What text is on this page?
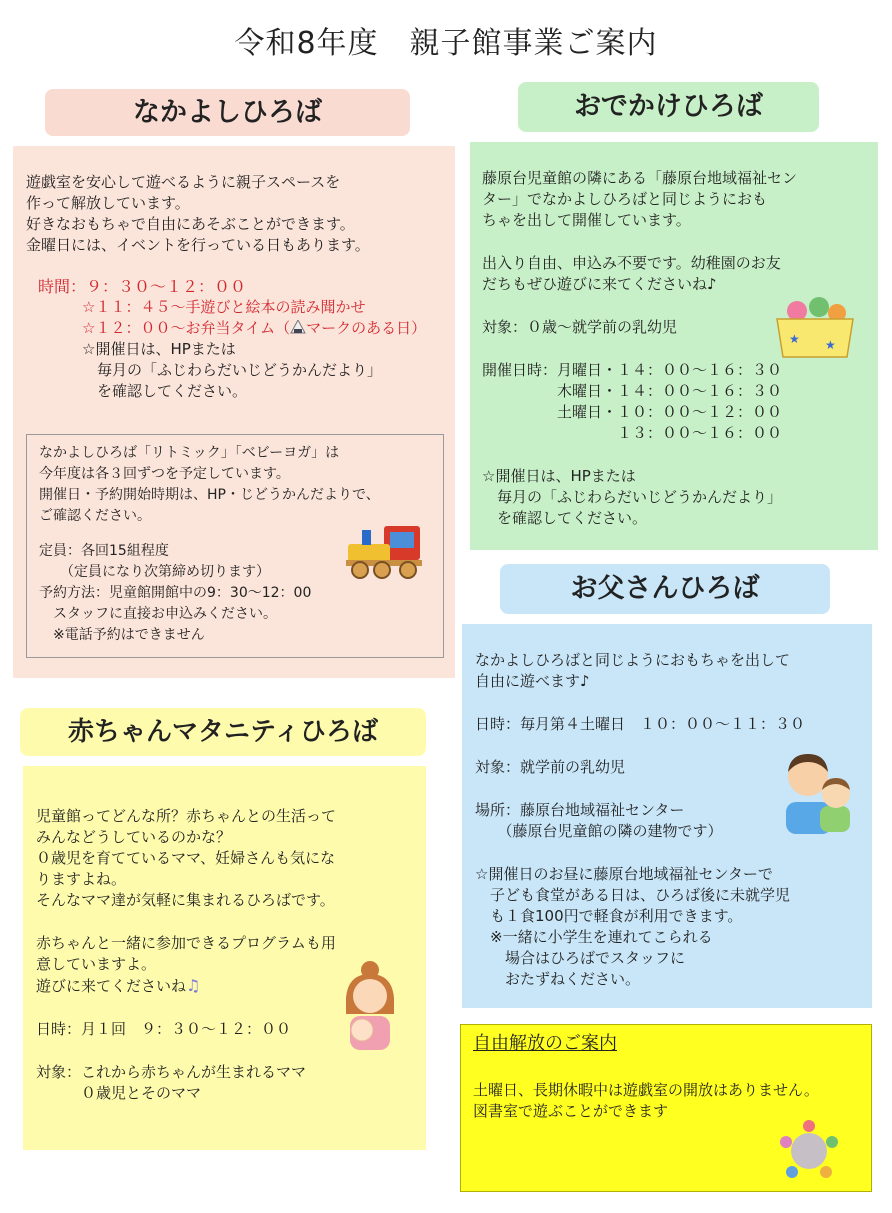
令和8年度　親子館事業ご案内
なかよしひろば
遊戯室を安心して遊べるように親子スペースを
作って解放しています。
好きなおもちゃで自由にあそぶことができます。
金曜日には、イベントを行っている日もあります。
時間：９：３０～１２：００
☆１１：４５～手遊びと絵本の読み聞かせ
☆１２：００～お弁当タイム（ マークのある日）
☆開催日は、HPまたは
　毎月の「ふじわらだいじどうかんだより」
　を確認してください。
なかよしひろば「リトミック」「ベビーヨガ」は
今年度は各３回ずつを予定しています。
開催日・予約開始時期は、HP・じどうかんだよりで、
ご確認ください。
定員：各回15組程度
　　（定員になり次第締め切ります）
予約方法：児童館開館中の9：30～12：00
　スタッフに直接お申込みください。
　※電話予約はできません
おでかけひろば
藤原台児童館の隣にある「藤原台地域福祉セン
ター」でなかよしひろばと同じようにおも
ちゃを出して開催しています。
出入り自由、申込み不要です。幼稚園のお友
だちもぜひ遊びに来てくださいね♪
対象：０歳～就学前の乳幼児
開催日時：月曜日・１４：００～１６：３０
　　　　　木曜日・１４：００～１６：３０
　　　　　土曜日・１０：００～１２：００
　　　　　　　　　１３：００～１６：００
☆開催日は、HPまたは
　毎月の「ふじわらだいじどうかんだより」
　を確認してください。
★ ★
お父さんひろば
なかよしひろばと同じようにおもちゃを出して
自由に遊べます♪
日時：毎月第４土曜日　１０：００～１１：３０
対象：就学前の乳幼児
場所：藤原台地域福祉センター
　　（藤原台児童館の隣の建物です）
☆開催日のお昼に藤原台地域福祉センターで
　子ども食堂がある日は、ひろば後に未就学児
　も１食100円で軽食が利用できます。
　※一緒に小学生を連れてこられる
　　場合はひろばでスタッフに
　　おたずねください。
赤ちゃんマタニティひろば
児童館ってどんな所？赤ちゃんとの生活って
みんなどうしているのかな？
０歳児を育てているママ、妊婦さんも気にな
りますよね。
そんなママ達が気軽に集まれるひろばです。
赤ちゃんと一緒に参加できるプログラムも用
意していますよ。
遊びに来てくださいね♫
日時：月１回　９：３０～１２：００
対象：これから赤ちゃんが生まれるママ
　　　０歳児とそのママ
自由解放のご案内
土曜日、長期休暇中は遊戯室の開放はありません。
図書室で遊ぶことができます
